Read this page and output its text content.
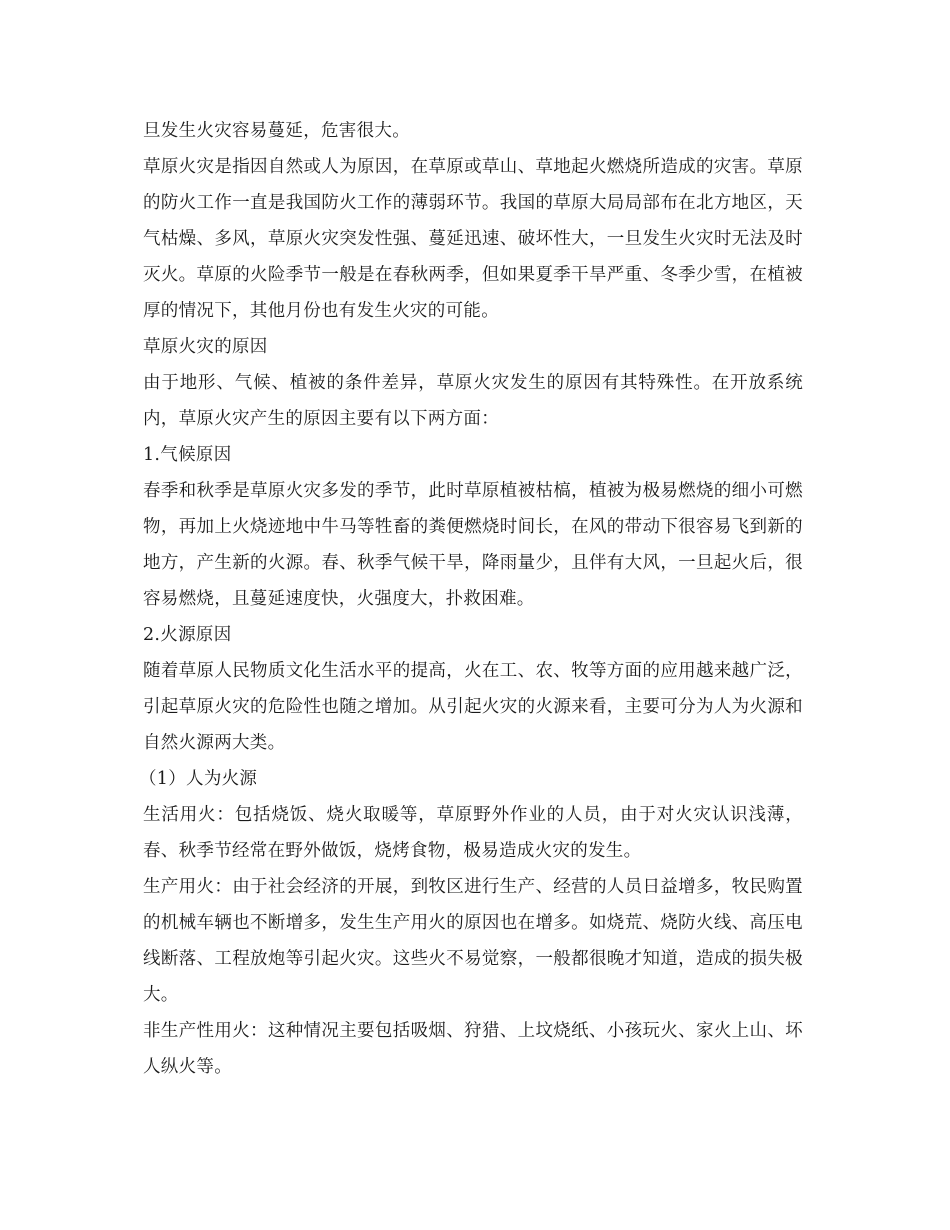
旦发生火灾容易蔓延，危害很大。

草原火灾是指因自然或人为原因，在草原或草山、草地起火燃烧所造成的灾害。草原的防火工作一直是我国防火工作的薄弱环节。我国的草原大局局部布在北方地区，天气枯燥、多风，草原火灾突发性强、蔓延迅速、破坏性大，一旦发生火灾时无法及时灭火。草原的火险季节一般是在春秋两季，但如果夏季干旱严重、冬季少雪，在植被厚的情况下，其他月份也有发生火灾的可能。

草原火灾的原因

由于地形、气候、植被的条件差异，草原火灾发生的原因有其特殊性。在开放系统内，草原火灾产生的原因主要有以下两方面：

1.气候原因

春季和秋季是草原火灾多发的季节，此时草原植被枯槁，植被为极易燃烧的细小可燃物，再加上火烧迹地中牛马等牲畜的粪便燃烧时间长，在风的带动下很容易飞到新的地方，产生新的火源。春、秋季气候干旱，降雨量少，且伴有大风，一旦起火后，很容易燃烧，且蔓延速度快，火强度大，扑救困难。

2.火源原因

随着草原人民物质文化生活水平的提高，火在工、农、牧等方面的应用越来越广泛，引起草原火灾的危险性也随之增加。从引起火灾的火源来看，主要可分为人为火源和自然火源两大类。

（1）人为火源

生活用火：包括烧饭、烧火取暖等，草原野外作业的人员，由于对火灾认识浅薄，春、秋季节经常在野外做饭，烧烤食物，极易造成火灾的发生。

生产用火：由于社会经济的开展，到牧区进行生产、经营的人员日益增多，牧民购置的机械车辆也不断增多，发生生产用火的原因也在增多。如烧荒、烧防火线、高压电线断落、工程放炮等引起火灾。这些火不易觉察，一般都很晚才知道，造成的损失极大。

非生产性用火：这种情况主要包括吸烟、狩猎、上坟烧纸、小孩玩火、家火上山、坏人纵火等。
